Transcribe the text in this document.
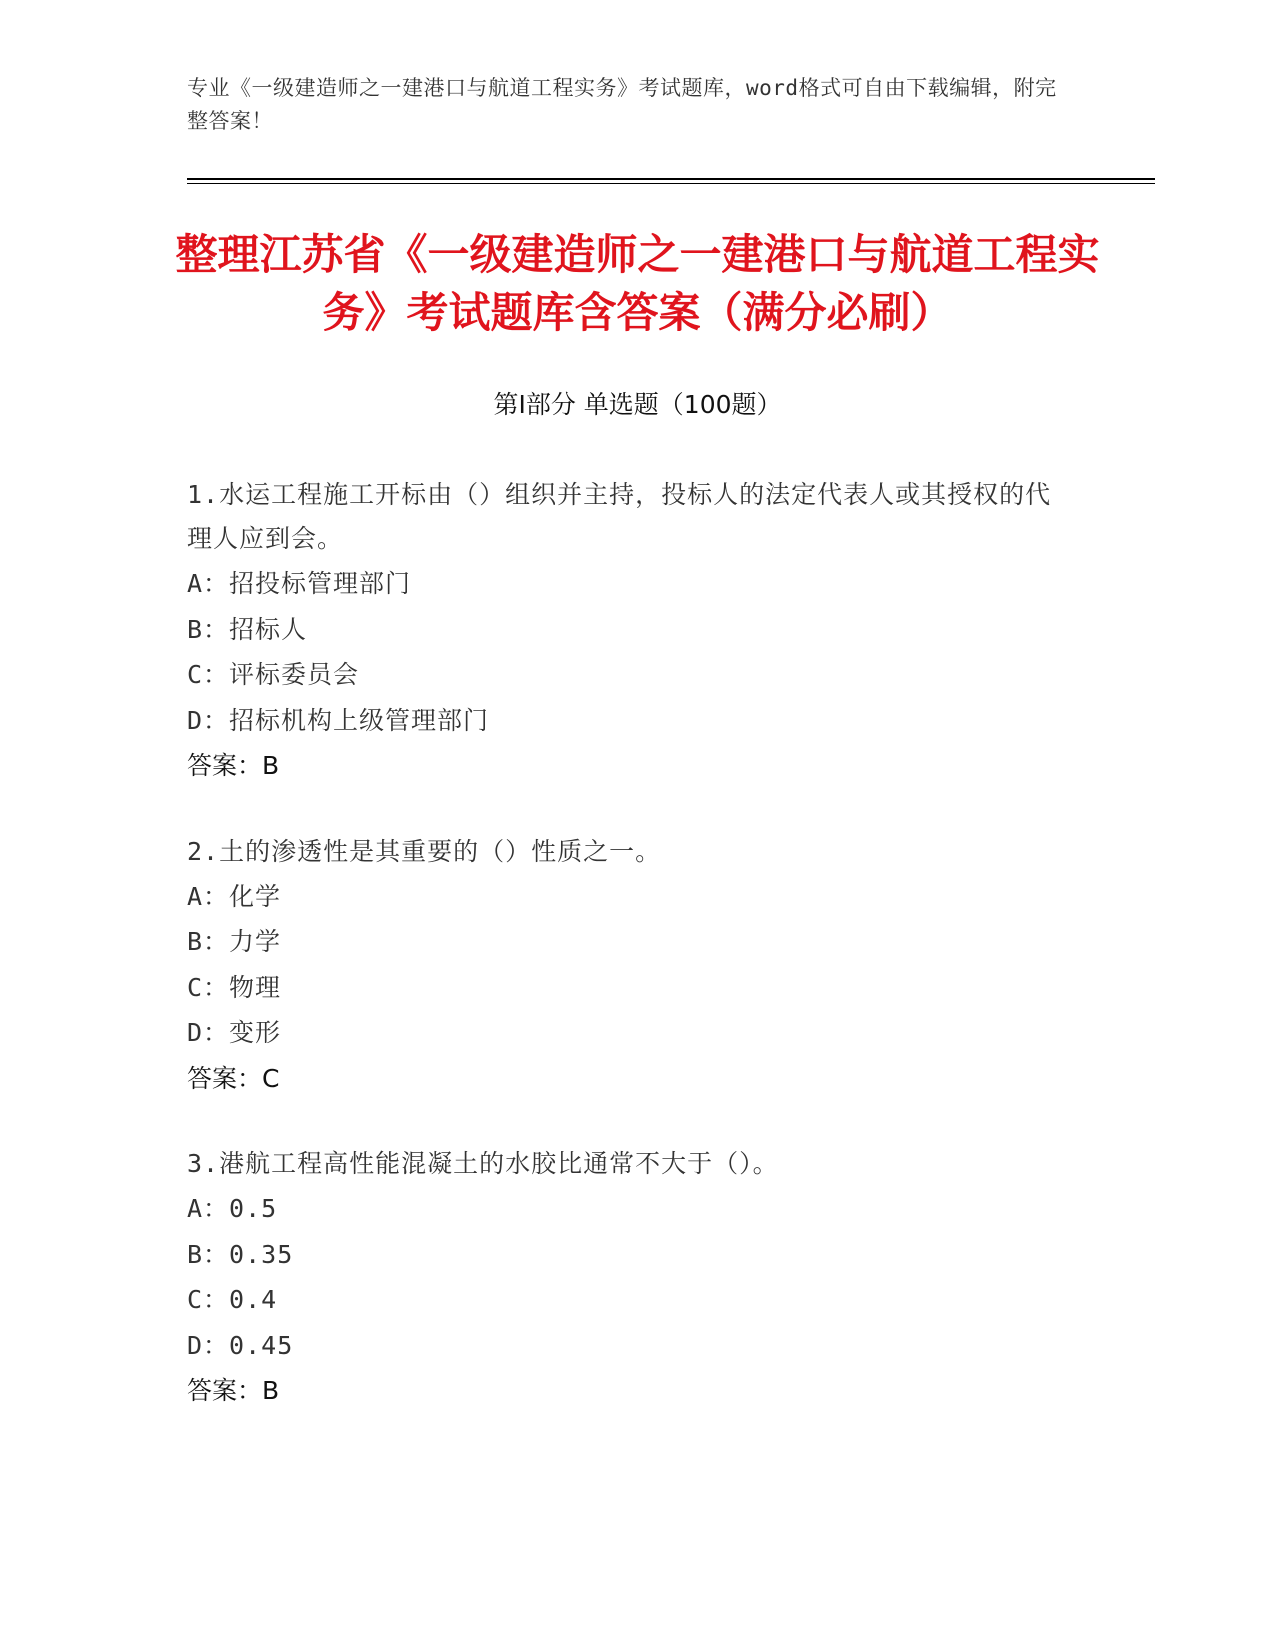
专业《一级建造师之一建港口与航道工程实务》考试题库，word格式可自由下载编辑，附完整答案！
整理江苏省《一级建造师之一建港口与航道工程实务》考试题库含答案（满分必刷）
第Ⅰ部分 单选题（100题）
1.水运工程施工开标由（）组织并主持，投标人的法定代表人或其授权的代理人应到会。
A：招投标管理部门
B：招标人
C：评标委员会
D：招标机构上级管理部门
答案：B
2.土的渗透性是其重要的（）性质之一。
A：化学
B：力学
C：物理
D：变形
答案：C
3.港航工程高性能混凝土的水胶比通常不大于（）。
A：0.5
B：0.35
C：0.4
D：0.45
答案：B
